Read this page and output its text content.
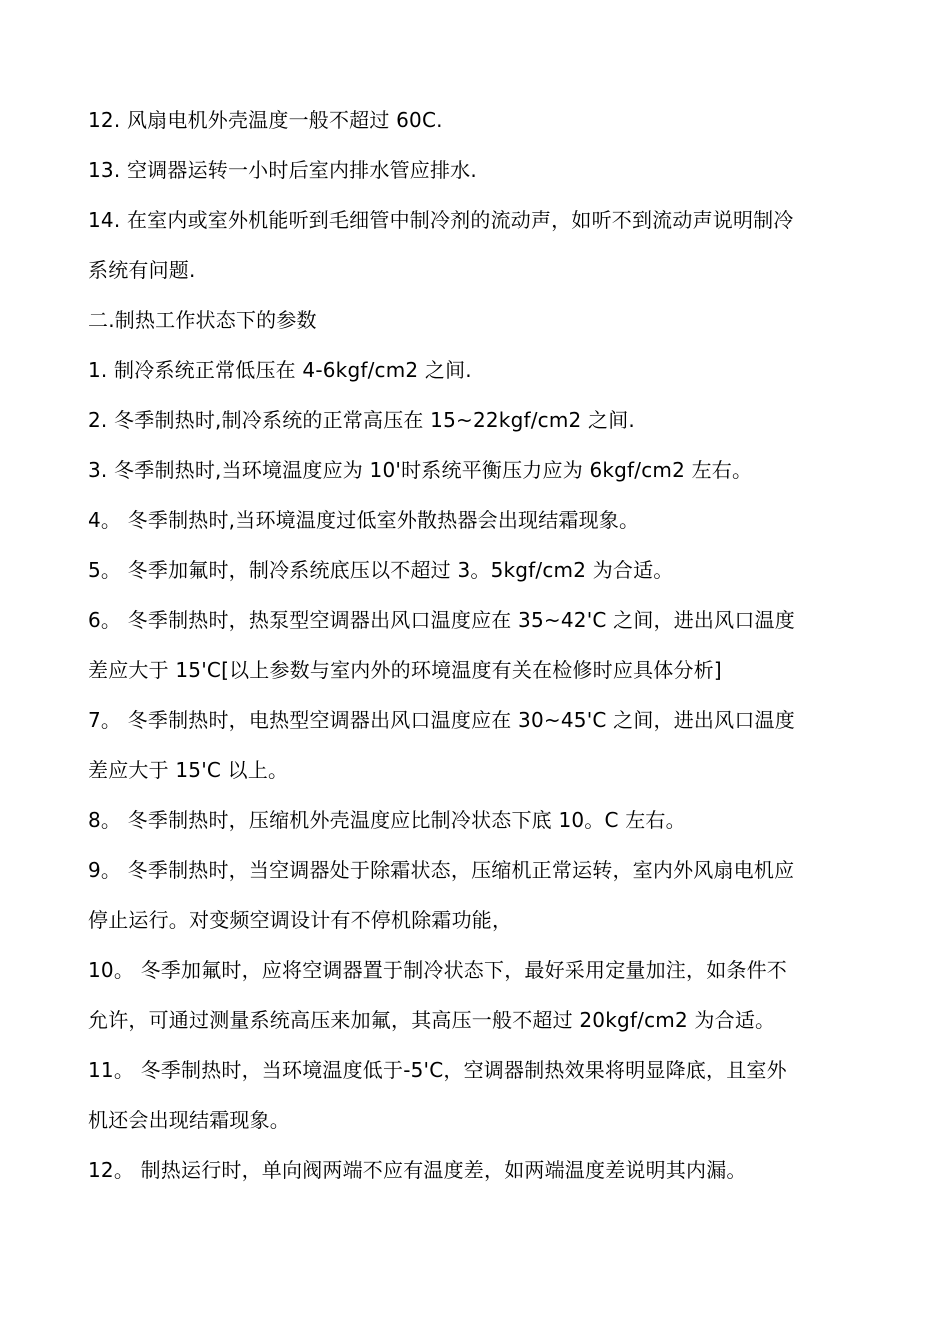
12. 风扇电机外壳温度一般不超过 60C.
13. 空调器运转一小时后室内排水管应排水.
14. 在室内或室外机能听到毛细管中制冷剂的流动声，如听不到流动声说明制冷
系统有问题.
二.制热工作状态下的参数
1. 制冷系统正常低压在 4-6kgf/cm2 之间.
2. 冬季制热时,制冷系统的正常高压在 15~22kgf/cm2 之间.
3. 冬季制热时,当环境温度应为 10'时系统平衡压力应为 6kgf/cm2 左右。
4。 冬季制热时,当环境温度过低室外散热器会出现结霜现象。
5。 冬季加氟时，制冷系统底压以不超过 3。5kgf/cm2 为合适。
6。 冬季制热时，热泵型空调器出风口温度应在 35~42'C 之间，进出风口温度
差应大于 15'C[以上参数与室内外的环境温度有关在检修时应具体分析]
7。 冬季制热时，电热型空调器出风口温度应在 30~45'C 之间，进出风口温度
差应大于 15'C 以上。
8。 冬季制热时，压缩机外壳温度应比制冷状态下底 10。C 左右。
9。 冬季制热时，当空调器处于除霜状态，压缩机正常运转，室内外风扇电机应
停止运行。对变频空调设计有不停机除霜功能，
10。 冬季加氟时，应将空调器置于制冷状态下，最好采用定量加注，如条件不
允许，可通过测量系统高压来加氟，其高压一般不超过 20kgf/cm2 为合适。
11。 冬季制热时，当环境温度低于-5'C，空调器制热效果将明显降底，且室外
机还会出现结霜现象。
12。 制热运行时，单向阀两端不应有温度差，如两端温度差说明其内漏。
